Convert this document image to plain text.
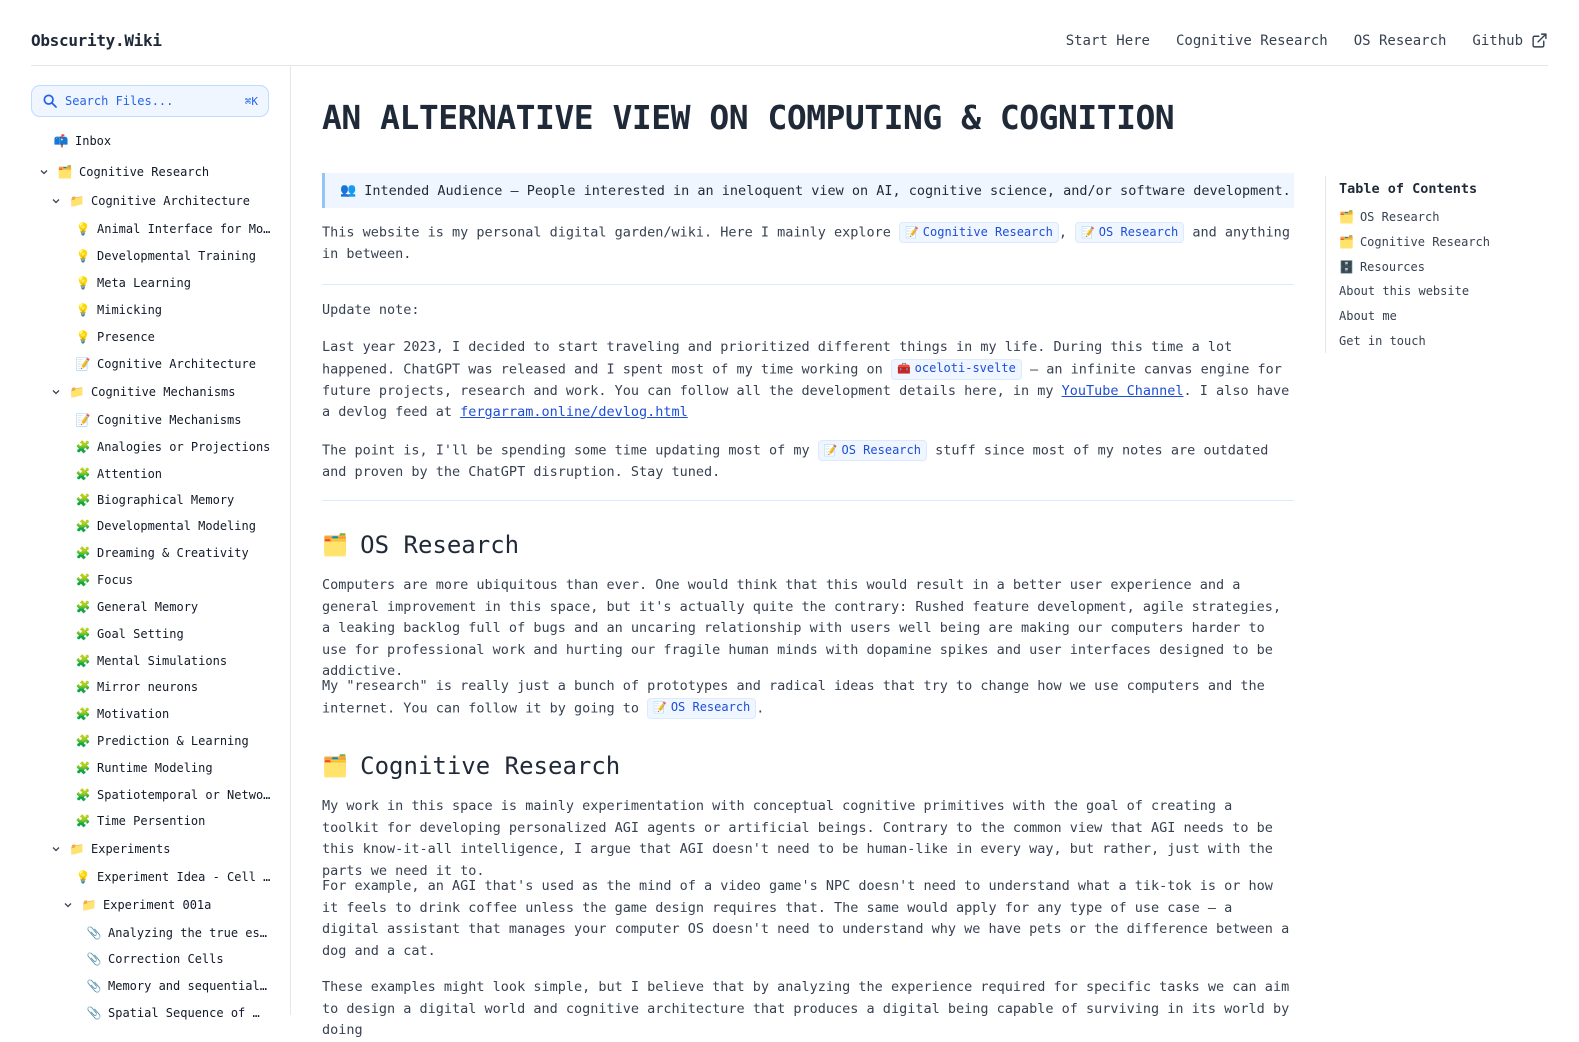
Obscurity.Wiki	Start Here Cognitive Research OS Research Github
Search Files...	⌘K
📫 Inbox
🗂️ Cognitive Research
📁 Cognitive Architecture
💡 Animal Interface for Mo…
💡 Developmental Training
💡 Meta Learning
💡 Mimicking
💡 Presence
📝 Cognitive Architecture
📁 Cognitive Mechanisms
📝 Cognitive Mechanisms
🧩 Analogies or Projections
🧩 Attention
🧩 Biographical Memory
🧩 Developmental Modeling
🧩 Dreaming & Creativity
🧩 Focus
🧩 General Memory
🧩 Goal Setting
🧩 Mental Simulations
🧩 Mirror neurons
🧩 Motivation
🧩 Prediction & Learning
🧩 Runtime Modeling
🧩 Spatiotemporal or Netwo…
🧩 Time Persention
📁 Experiments
💡 Experiment Idea - Cell …
📁 Experiment 001a
📎 Analyzing the true es…
📎 Correction Cells
📎 Memory and sequential…
📎 Spatial Sequence of …
AN ALTERNATIVE VIEW ON COMPUTING & COGNITION
👥 Intended Audience — People interested in an ineloquent view on AI, cognitive science, and/or software development.
This website is my personal digital garden/wiki. Here I mainly explore 📝 Cognitive Research , 📝 OS Research and anything in between.
Update note:
Last year 2023, I decided to start traveling and prioritized different things in my life. During this time a lot happened. ChatGPT was released and I spent most of my time working on 🧰 oceloti-svelte — an infinite canvas engine for future projects, research and work. You can follow all the development details here, in my YouTube Channel. I also have a devlog feed at fergarram.online/devlog.html
The point is, I'll be spending some time updating most of my 📝 OS Research stuff since most of my notes are outdated and proven by the ChatGPT disruption. Stay tuned.
🗂️ OS Research
Computers are more ubiquitous than ever. One would think that this would result in a better user experience and a general improvement in this space, but it's actually quite the contrary: Rushed feature development, agile strategies, a leaking backlog full of bugs and an uncaring relationship with users well being are making our computers harder to use for professional work and hurting our fragile human minds with dopamine spikes and user interfaces designed to be addictive.
My "research" is really just a bunch of prototypes and radical ideas that try to change how we use computers and the internet. You can follow it by going to 📝 OS Research .
🗂️ Cognitive Research
My work in this space is mainly experimentation with conceptual cognitive primitives with the goal of creating a toolkit for developing personalized AGI agents or artificial beings. Contrary to the common view that AGI needs to be this know-it-all intelligence, I argue that AGI doesn't need to be human-like in every way, but rather, just with the parts we need it to.
For example, an AGI that's used as the mind of a video game's NPC doesn't need to understand what a tik-tok is or how it feels to drink coffee unless the game design requires that. The same would apply for any type of use case — a digital assistant that manages your computer OS doesn't need to understand why we have pets or the difference between a dog and a cat.
These examples might look simple, but I believe that by analyzing the experience required for specific tasks we can aim to design a digital world and cognitive architecture that produces a digital being capable of surviving in its world by doing
Table of Contents
🗂️ OS Research
🗂️ Cognitive Research
🗄️ Resources
About this website
About me
Get in touch
